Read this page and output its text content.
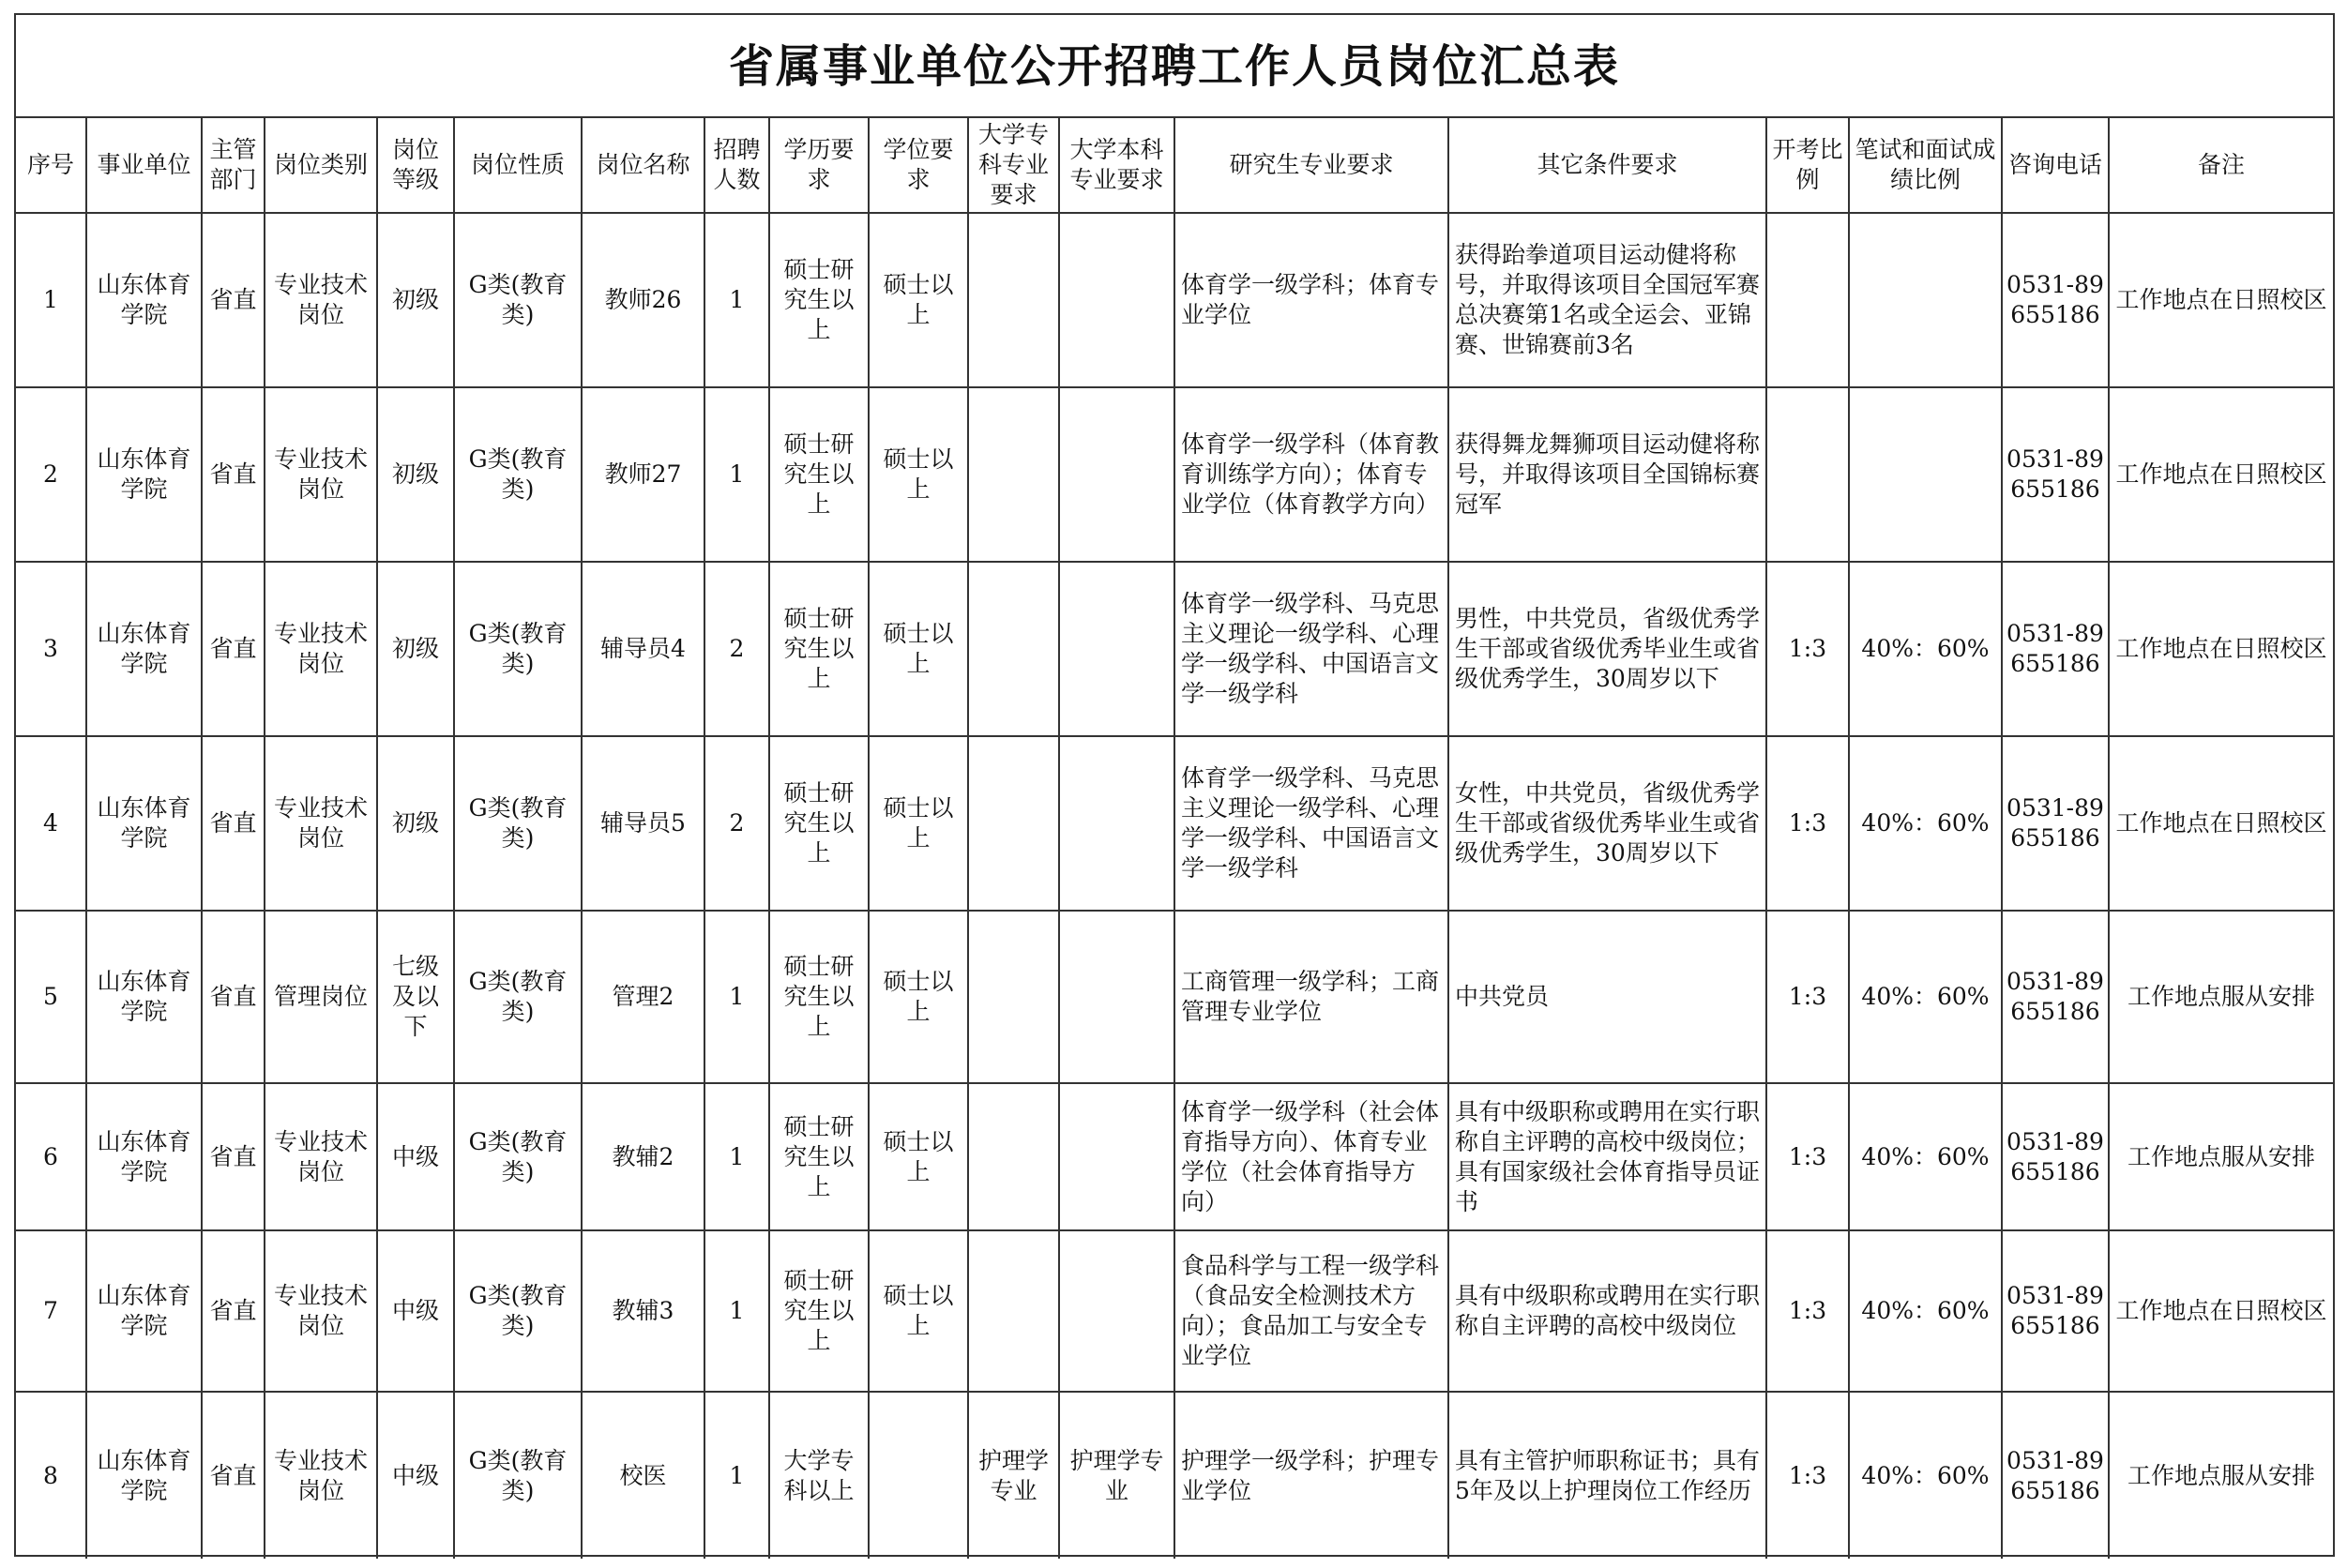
省属事业单位公开招聘工作人员岗位汇总表
序号	事业单位	主管部门	岗位类别	岗位等级	岗位性质	岗位名称	招聘人数	学历要求	学位要求	大学专科专业要求	大学本科专业要求	研究生专业要求	其它条件要求	开考比例	笔试和面试成绩比例	咨询电话	备注
1	山东体育学院	省直	专业技术岗位	初级	G类(教育类)	教师26	1	硕士研究生以上	硕士以上			体育学一级学科；体育专业学位	获得跆拳道项目运动健将称号，并取得该项目全国冠军赛总决赛第1名或全运会、亚锦赛、世锦赛前3名			0531-89655186	工作地点在日照校区
2	山东体育学院	省直	专业技术岗位	初级	G类(教育类)	教师27	1	硕士研究生以上	硕士以上			体育学一级学科（体育教育训练学方向）；体育专业学位（体育教学方向）	获得舞龙舞狮项目运动健将称号，并取得该项目全国锦标赛冠军			0531-89655186	工作地点在日照校区
3	山东体育学院	省直	专业技术岗位	初级	G类(教育类)	辅导员4	2	硕士研究生以上	硕士以上			体育学一级学科、马克思主义理论一级学科、心理学一级学科、中国语言文学一级学科	男性，中共党员，省级优秀学生干部或省级优秀毕业生或省级优秀学生，30周岁以下	1:3	40%：60%	0531-89655186	工作地点在日照校区
4	山东体育学院	省直	专业技术岗位	初级	G类(教育类)	辅导员5	2	硕士研究生以上	硕士以上			体育学一级学科、马克思主义理论一级学科、心理学一级学科、中国语言文学一级学科	女性，中共党员，省级优秀学生干部或省级优秀毕业生或省级优秀学生，30周岁以下	1:3	40%：60%	0531-89655186	工作地点在日照校区
5	山东体育学院	省直	管理岗位	七级及以下	G类(教育类)	管理2	1	硕士研究生以上	硕士以上			工商管理一级学科；工商管理专业学位	中共党员	1:3	40%：60%	0531-89655186	工作地点服从安排
6	山东体育学院	省直	专业技术岗位	中级	G类(教育类)	教辅2	1	硕士研究生以上	硕士以上			体育学一级学科（社会体育指导方向）、体育专业学位（社会体育指导方向）	具有中级职称或聘用在实行职称自主评聘的高校中级岗位；具有国家级社会体育指导员证书	1:3	40%：60%	0531-89655186	工作地点服从安排
7	山东体育学院	省直	专业技术岗位	中级	G类(教育类)	教辅3	1	硕士研究生以上	硕士以上			食品科学与工程一级学科（食品安全检测技术方向）；食品加工与安全专业学位	具有中级职称或聘用在实行职称自主评聘的高校中级岗位	1:3	40%：60%	0531-89655186	工作地点在日照校区
8	山东体育学院	省直	专业技术岗位	中级	G类(教育类)	校医	1	大学专科以上		护理学专业	护理学专业	护理学一级学科；护理专业学位	具有主管护师职称证书；具有5年及以上护理岗位工作经历	1:3	40%：60%	0531-89655186	工作地点服从安排
